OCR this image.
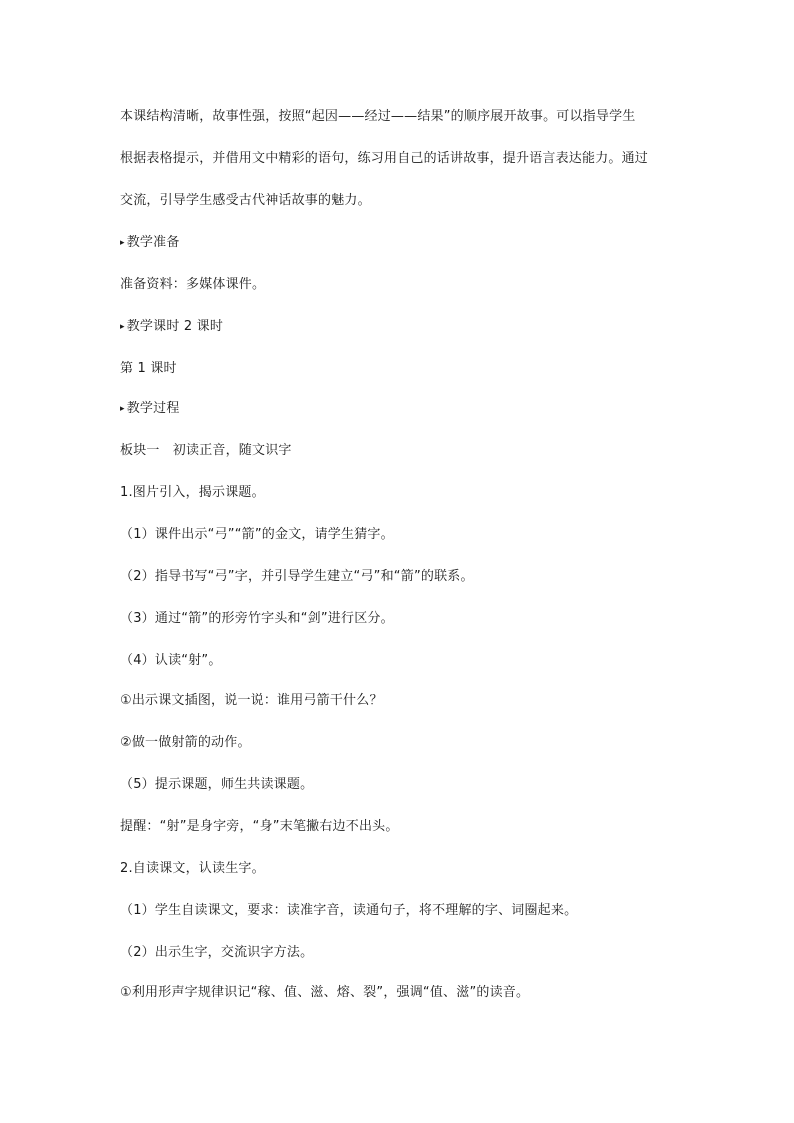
本课结构清晰，故事性强，按照“起因——经过——结果”的顺序展开故事。可以指导学生
根据表格提示，并借用文中精彩的语句，练习用自己的话讲故事，提升语言表达能力。通过
交流，引导学生感受古代神话故事的魅力。
▸ 教学准备
准备资料：多媒体课件。
▸ 教学课时 2 课时
第 1 课时
▸ 教学过程
板块一　初读正音，随文识字
1.图片引入，揭示课题。
（1）课件出示“弓”“箭”的金文，请学生猜字。
（2）指导书写“弓”字，并引导学生建立“弓”和“箭”的联系。
（3）通过“箭”的形旁竹字头和“剑”进行区分。
（4）认读“射”。
①出示课文插图，说一说：谁用弓箭干什么？
②做一做射箭的动作。
（5）提示课题，师生共读课题。
提醒：“射”是身字旁，“身”末笔撇右边不出头。
2.自读课文，认读生字。
（1）学生自读课文，要求：读准字音，读通句子，将不理解的字、词圈起来。
（2）出示生字，交流识字方法。
①利用形声字规律识记“稼、值、滋、熔、裂”，强调“值、滋”的读音。
